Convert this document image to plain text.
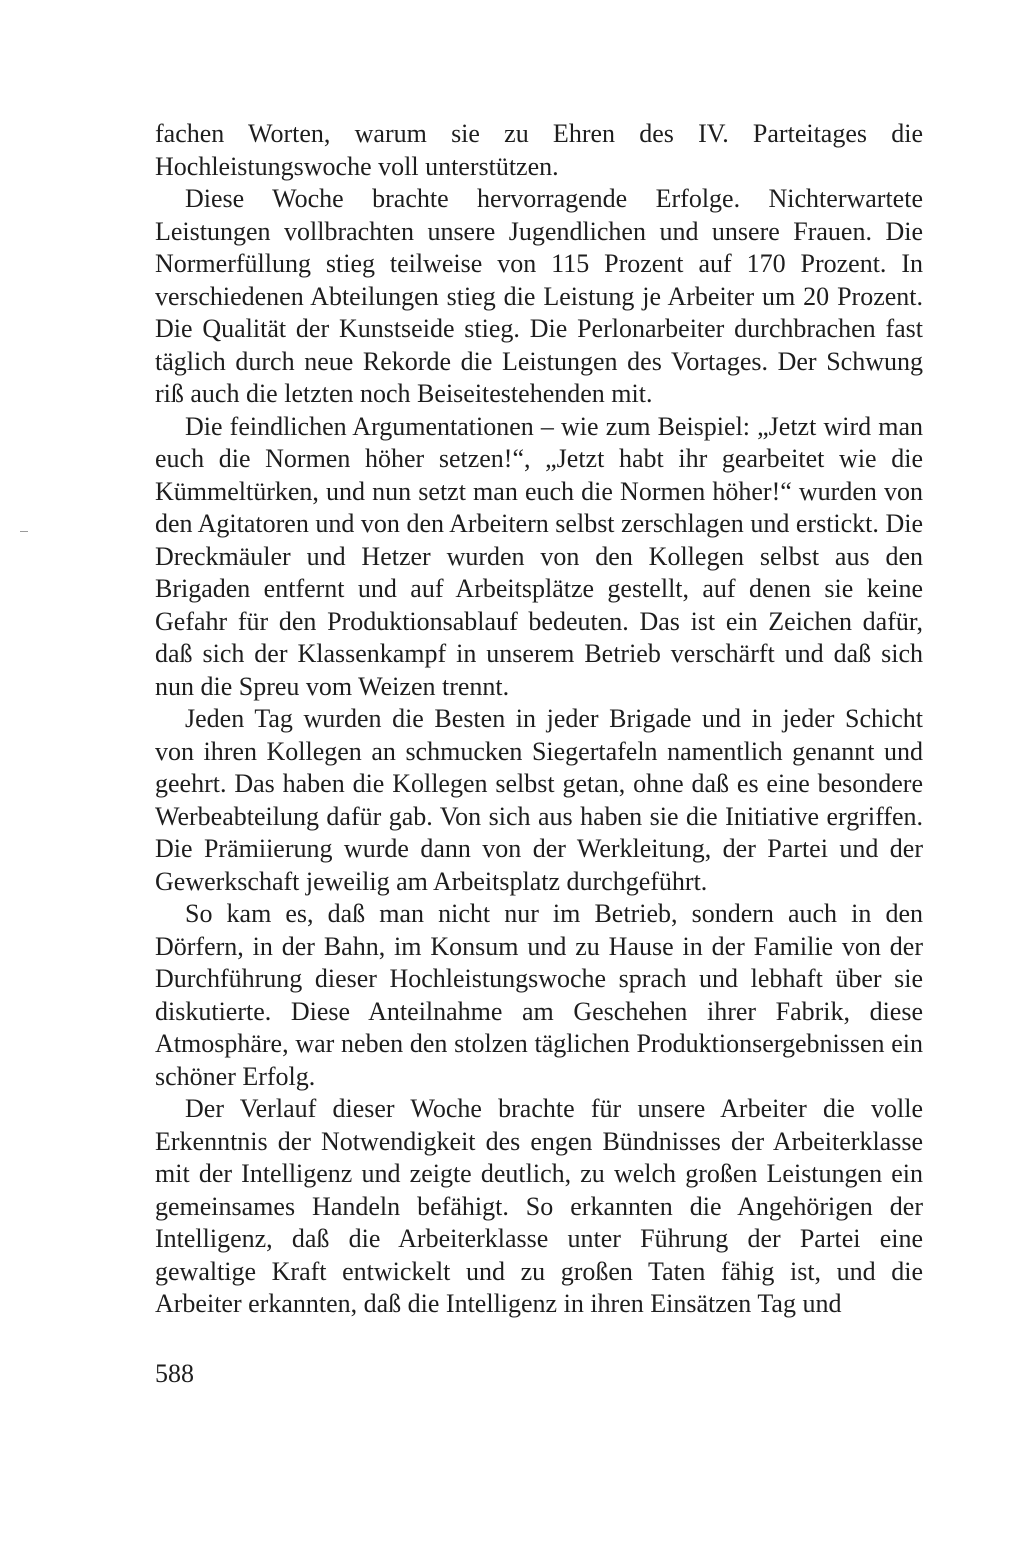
fachen Worten, warum sie zu Ehren des IV. Parteitages die Hochleistungswoche voll unterstützen.

Diese Woche brachte hervorragende Erfolge. Nichterwartete Leistungen vollbrachten unsere Jugendlichen und unsere Frauen. Die Normerfüllung stieg teilweise von 115 Prozent auf 170 Prozent. In verschiedenen Abteilungen stieg die Leistung je Arbeiter um 20 Prozent. Die Qualität der Kunstseide stieg. Die Perlonarbeiter durchbrachen fast täglich durch neue Rekorde die Leistungen des Vortages. Der Schwung riß auch die letzten noch Beiseitestehenden mit.

Die feindlichen Argumentationen – wie zum Beispiel: „Jetzt wird man euch die Normen höher setzen!“, „Jetzt habt ihr gearbeitet wie die Kümmeltürken, und nun setzt man euch die Normen höher!“ wurden von den Agitatoren und von den Arbeitern selbst zerschlagen und erstickt. Die Dreckmäuler und Hetzer wurden von den Kollegen selbst aus den Brigaden entfernt und auf Arbeitsplätze gestellt, auf denen sie keine Gefahr für den Produktionsablauf bedeuten. Das ist ein Zeichen dafür, daß sich der Klassenkampf in unserem Betrieb verschärft und daß sich nun die Spreu vom Weizen trennt.

Jeden Tag wurden die Besten in jeder Brigade und in jeder Schicht von ihren Kollegen an schmucken Siegertafeln namentlich genannt und geehrt. Das haben die Kollegen selbst getan, ohne daß es eine besondere Werbeabteilung dafür gab. Von sich aus haben sie die Initiative ergriffen. Die Prämiierung wurde dann von der Werkleitung, der Partei und der Gewerkschaft jeweilig am Arbeitsplatz durchgeführt.

So kam es, daß man nicht nur im Betrieb, sondern auch in den Dörfern, in der Bahn, im Konsum und zu Hause in der Familie von der Durchführung dieser Hochleistungswoche sprach und lebhaft über sie diskutierte. Diese Anteilnahme am Geschehen ihrer Fabrik, diese Atmosphäre, war neben den stolzen täglichen Produktionsergebnissen ein schöner Erfolg.

Der Verlauf dieser Woche brachte für unsere Arbeiter die volle Erkenntnis der Notwendigkeit des engen Bündnisses der Arbeiterklasse mit der Intelligenz und zeigte deutlich, zu welch großen Leistungen ein gemeinsames Handeln befähigt. So erkannten die Angehörigen der Intelligenz, daß die Arbeiterklasse unter Führung der Partei eine gewaltige Kraft entwickelt und zu großen Taten fähig ist, und die Arbeiter erkannten, daß die Intelligenz in ihren Einsätzen Tag und

588
